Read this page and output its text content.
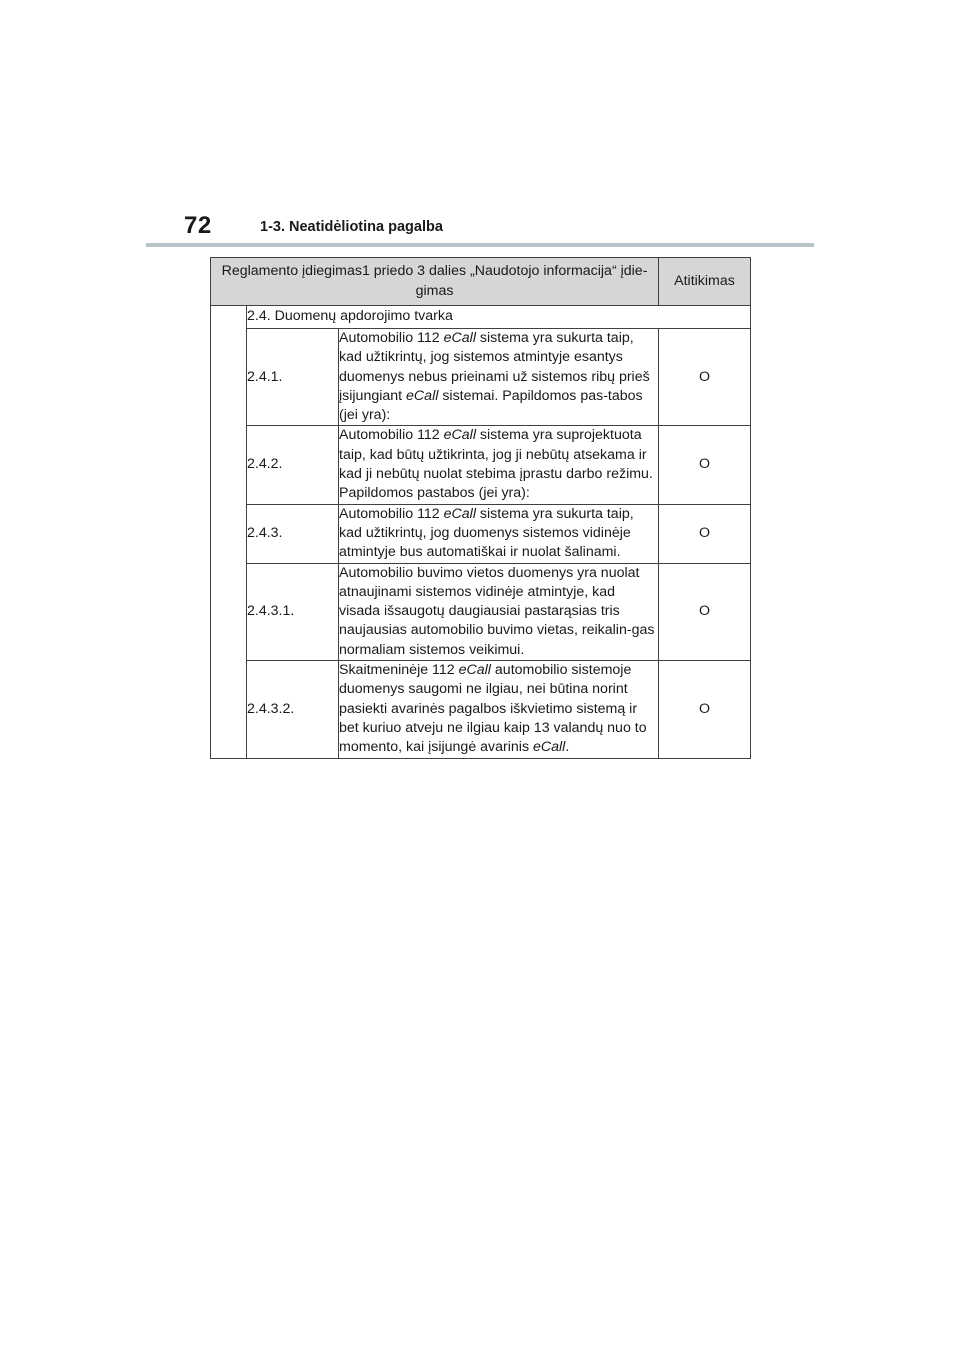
72	1-3. Neatidėliotina pagalba
Reglamento įdiegimas1 priedo 3 dalies „Naudotojo informacija“ įdie-gimas			Atitikimas
	2.4. Duomenų apdorojimo tvarka		
	2.4.1.	Automobilio 112 eCall sistema yra sukurta taip, kad užtikrintų, jog sistemos atmintyje esantys duomenys nebus prieinami už sistemos ribų prieš įsijungiant eCall sistemai. Papildomos pas-tabos (jei yra):	O
	2.4.2.	Automobilio 112 eCall sistema yra suprojektuota taip, kad būtų užtikrinta, jog ji nebūtų atsekama ir kad ji nebūtų nuolat stebima įprastu darbo režimu. Papildomos pastabos (jei yra):	O
	2.4.3.	Automobilio 112 eCall sistema yra sukurta taip, kad užtikrintų, jog duomenys sistemos vidinėje atmintyje bus automatiškai ir nuolat šalinami.	O
	2.4.3.1.	Automobilio buvimo vietos duomenys yra nuolat atnaujinami sistemos vidinėje atmintyje, kad visada išsaugotų daugiausiai pastarąsias tris naujausias automobilio buvimo vietas, reikalin-gas normaliam sistemos veikimui.	O
	2.4.3.2.	Skaitmeninėje 112 eCall automobilio sistemoje duomenys saugomi ne ilgiau, nei būtina norint pasiekti avarinės pagalbos iškvietimo sistemą ir bet kuriuo atveju ne ilgiau kaip 13 valandų nuo to momento, kai įsijungė avarinis eCall.	O
